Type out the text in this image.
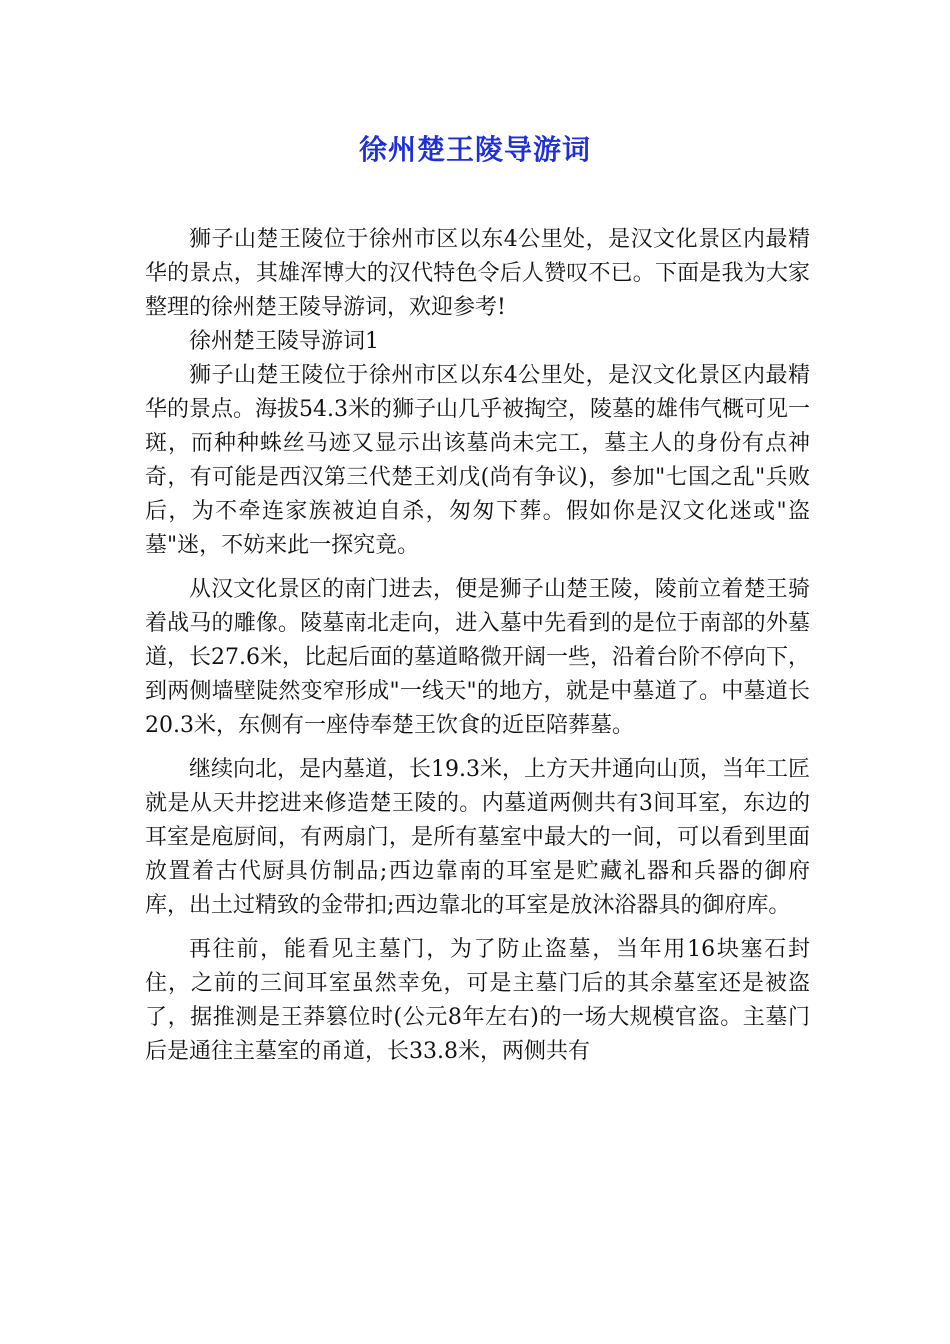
徐州楚王陵导游词

狮子山楚王陵位于徐州市区以东4公里处，是汉文化景区内最精华的景点，其雄浑博大的汉代特色令后人赞叹不已。下面是我为大家整理的徐州楚王陵导游词，欢迎参考!

徐州楚王陵导游词1

狮子山楚王陵位于徐州市区以东4公里处，是汉文化景区内最精华的景点。海拔54.3米的狮子山几乎被掏空，陵墓的雄伟气概可见一斑，而种种蛛丝马迹又显示出该墓尚未完工，墓主人的身份有点神奇，有可能是西汉第三代楚王刘戊(尚有争议)，参加"七国之乱"兵败后，为不牵连家族被迫自杀，匆匆下葬。假如你是汉文化迷或"盗墓"迷，不妨来此一探究竟。

从汉文化景区的南门进去，便是狮子山楚王陵，陵前立着楚王骑着战马的雕像。陵墓南北走向，进入墓中先看到的是位于南部的外墓道，长27.6米，比起后面的墓道略微开阔一些，沿着台阶不停向下，到两侧墙壁陡然变窄形成"一线天"的地方，就是中墓道了。中墓道长20.3米，东侧有一座侍奉楚王饮食的近臣陪葬墓。

继续向北，是内墓道，长19.3米，上方天井通向山顶，当年工匠就是从天井挖进来修造楚王陵的。内墓道两侧共有3间耳室，东边的耳室是庖厨间，有两扇门，是所有墓室中最大的一间，可以看到里面放置着古代厨具仿制品;西边靠南的耳室是贮藏礼器和兵器的御府库，出土过精致的金带扣;西边靠北的耳室是放沐浴器具的御府库。

再往前，能看见主墓门，为了防止盗墓，当年用16块塞石封住，之前的三间耳室虽然幸免，可是主墓门后的其余墓室还是被盗了，据推测是王莽篡位时(公元8年左右)的一场大规模官盗。主墓门后是通往主墓室的甬道，长33.8米，两侧共有
